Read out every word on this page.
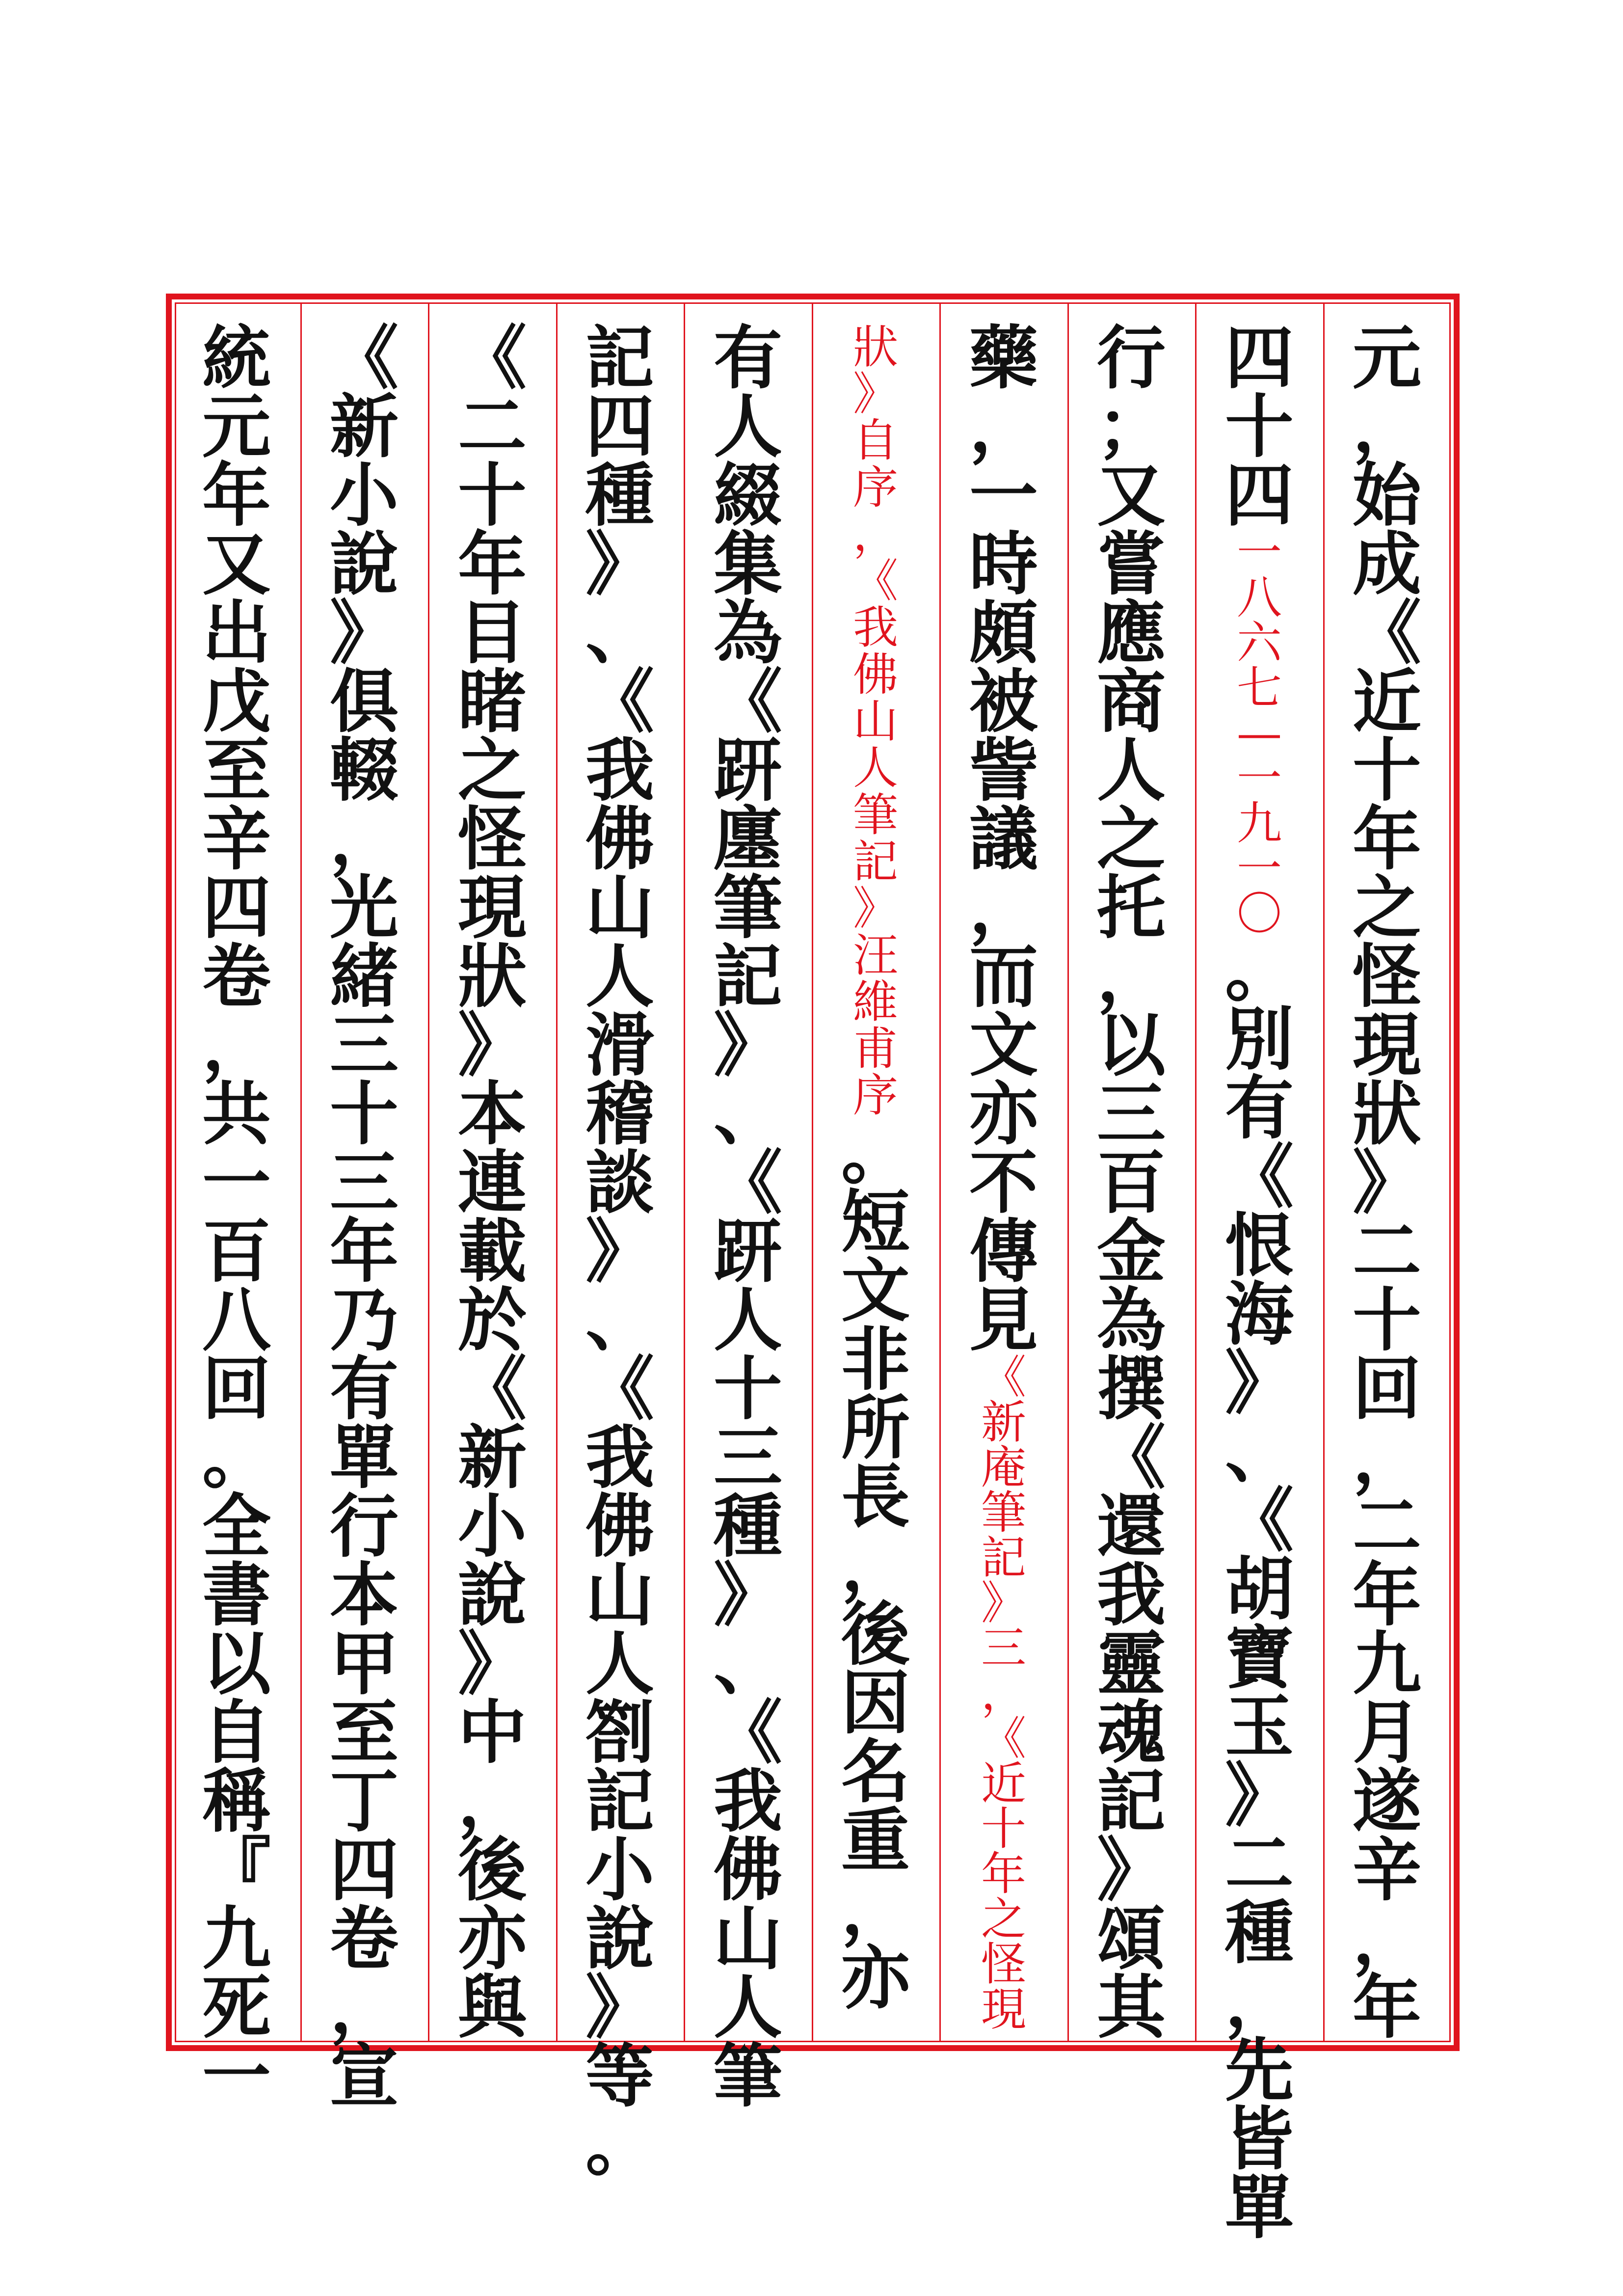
元
，
始
成
《
近
十
年
之
怪
現
狀
》
二
十
回
，
二
年
九
月
遂
辛
，
年
四
十
四
一
八
六
七
—
一
九
一
〇
。
別
有
《
恨
海
》
、
《
胡
寶
玉
》
二
種
，
先
皆
單
行
；
又
嘗
應
商
人
之
托
，
以
三
百
金
為
撰
《
還
我
靈
魂
記
》
頌
其
藥
，
一
時
頗
被
訾
議
，
而
文
亦
不
傳
見
《
新
庵
筆
記
》
三
，
《
近
十
年
之
怪
現
狀
》
自
序
，
《
我
佛
山
人
筆
記
》
汪
維
甫
序
。
短
文
非
所
長
，
後
因
名
重
，
亦
有
人
綴
集
為
《
趼
廛
筆
記
》
、
《
趼
人
十
三
種
》
、
《
我
佛
山
人
筆
記
四
種
》
、
《
我
佛
山
人
滑
稽
談
》
、
《
我
佛
山
人
劄
記
小
說
》
等
。
《
二
十
年
目
睹
之
怪
現
狀
》
本
連
載
於
《
新
小
說
》
中
，
後
亦
與
《
新
小
說
》
俱
輟
，
光
緒
三
十
三
年
乃
有
單
行
本
甲
至
丁
四
卷
，
宣
統
元
年
又
出
戊
至
辛
四
卷
，
共
一
百
八
回
。
全
書
以
自
稱
『
九
死
一
